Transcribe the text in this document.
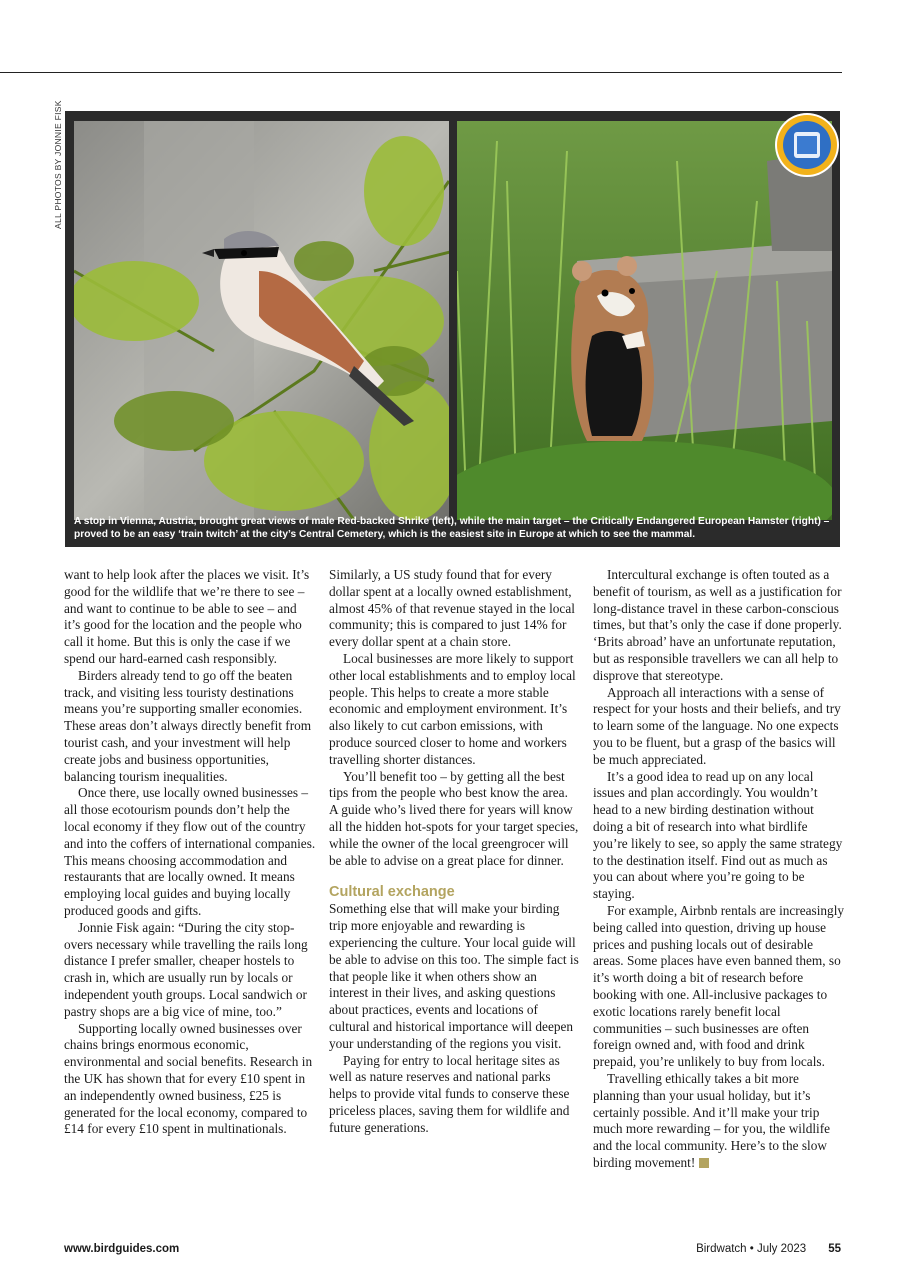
ALL PHOTOS BY JONNIE FISK
A stop in Vienna, Austria, brought great views of male Red-backed Shrike (left), while the main target – the Critically Endangered European Hamster (right) – proved to be an easy ‘train twitch’ at the city’s Central Cemetery, which is the easiest site in Europe at which to see the mammal.

want to help look after the places we visit. It’s good for the wildlife that we’re there to see – and want to continue to be able to see – and it’s good for the location and the people who call it home. But this is only the case if we spend our hard-earned cash responsibly.

Birders already tend to go off the beaten track, and visiting less touristy destinations means you’re supporting smaller economies. These areas don’t always directly benefit from tourist cash, and your investment will help create jobs and business opportunities, balancing tourism inequalities.

Once there, use locally owned businesses – all those ecotourism pounds don’t help the local economy if they flow out of the country and into the coffers of international companies. This means choosing accommodation and restaurants that are locally owned. It means employing local guides and buying locally produced goods and gifts.

Jonnie Fisk again: “During the city stop-overs necessary while travelling the rails long distance I prefer smaller, cheaper hostels to crash in, which are usually run by locals or independent youth groups. Local sandwich or pastry shops are a big vice of mine, too.”

Supporting locally owned businesses over chains brings enormous economic, environmental and social benefits. Research in the UK has shown that for every £10 spent in an independently owned business, £25 is generated for the local economy, compared to £14 for every £10 spent in multinationals.

Similarly, a US study found that for every dollar spent at a locally owned establishment, almost 45% of that revenue stayed in the local community; this is compared to just 14% for every dollar spent at a chain store.

Local businesses are more likely to support other local establishments and to employ local people. This helps to create a more stable economic and employment environment. It’s also likely to cut carbon emissions, with produce sourced closer to home and workers travelling shorter distances.

You’ll benefit too – by getting all the best tips from the people who best know the area. A guide who’s lived there for years will know all the hidden hot-spots for your target species, while the owner of the local greengrocer will be able to advise on a great place for dinner.

Cultural exchange

Something else that will make your birding trip more enjoyable and rewarding is experiencing the culture. Your local guide will be able to advise on this too. The simple fact is that people like it when others show an interest in their lives, and asking questions about practices, events and locations of cultural and historical importance will deepen your understanding of the regions you visit.

Paying for entry to local heritage sites as well as nature reserves and national parks helps to provide vital funds to conserve these priceless places, saving them for wildlife and future generations.

Intercultural exchange is often touted as a benefit of tourism, as well as a justification for long-distance travel in these carbon-conscious times, but that’s only the case if done properly. ‘Brits abroad’ have an unfortunate reputation, but as responsible travellers we can all help to disprove that stereotype.

Approach all interactions with a sense of respect for your hosts and their beliefs, and try to learn some of the language. No one expects you to be fluent, but a grasp of the basics will be much appreciated.

It’s a good idea to read up on any local issues and plan accordingly. You wouldn’t head to a new birding destination without doing a bit of research into what birdlife you’re likely to see, so apply the same strategy to the destination itself. Find out as much as you can about where you’re going to be staying.

For example, Airbnb rentals are increasingly being called into question, driving up house prices and pushing locals out of desirable areas. Some places have even banned them, so it’s worth doing a bit of research before booking with one. All-inclusive packages to exotic locations rarely benefit local communities – such businesses are often foreign owned and, with food and drink prepaid, you’re unlikely to buy from locals.

Travelling ethically takes a bit more planning than your usual holiday, but it’s certainly possible. And it’ll make your trip much more rewarding – for you, the wildlife and the local community. Here’s to the slow birding movement!

www.birdguides.com	Birdwatch • July 2023 55
